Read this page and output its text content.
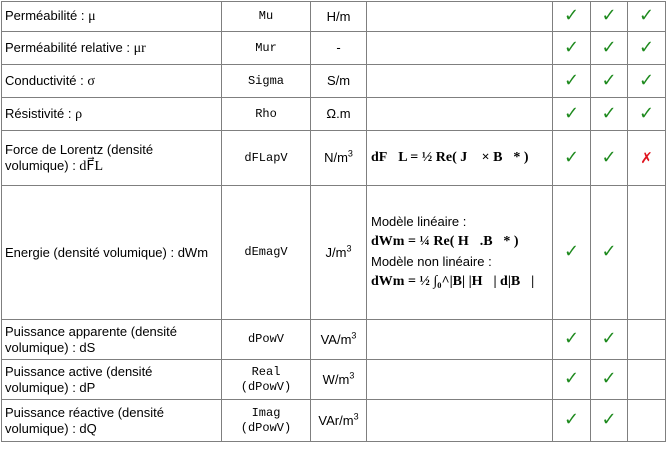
Perméabilité : μ	Mu	H/m		✓	✓	✓
Perméabilité relative : μr	Mur	-		✓	✓	✓
Conductivité : σ	Sigma	S/m		✓	✓	✓
Résistivité : ρ	Rho	Ω.m		✓	✓	✓
Force de Lorentz (densité volumique) : dF⃗L	dFLapV	$N/m^3$	dF⃗L = ½ Re( J⃗ × B⃗* )	✓	✓	✗
Energie (densité volumique) : dWm	dEmagV	$J/m^3$	Modèle linéaire :
dWm = ¼ Re( H⃗.B⃗* )
Modèle non linéaire :
dWm = ½ ∫₀^|B| |H⃗| d|B⃗|	✓	✓	
Puissance apparente (densité volumique) : dS	dPowV	$VA/m^3$		✓	✓	
Puissance active (densité volumique) : dP	Real
(dPowV)	$W/m^3$		✓	✓	
Puissance réactive (densité volumique) : dQ	Imag
(dPowV)	VAr/$m^3$		✓	✓	
